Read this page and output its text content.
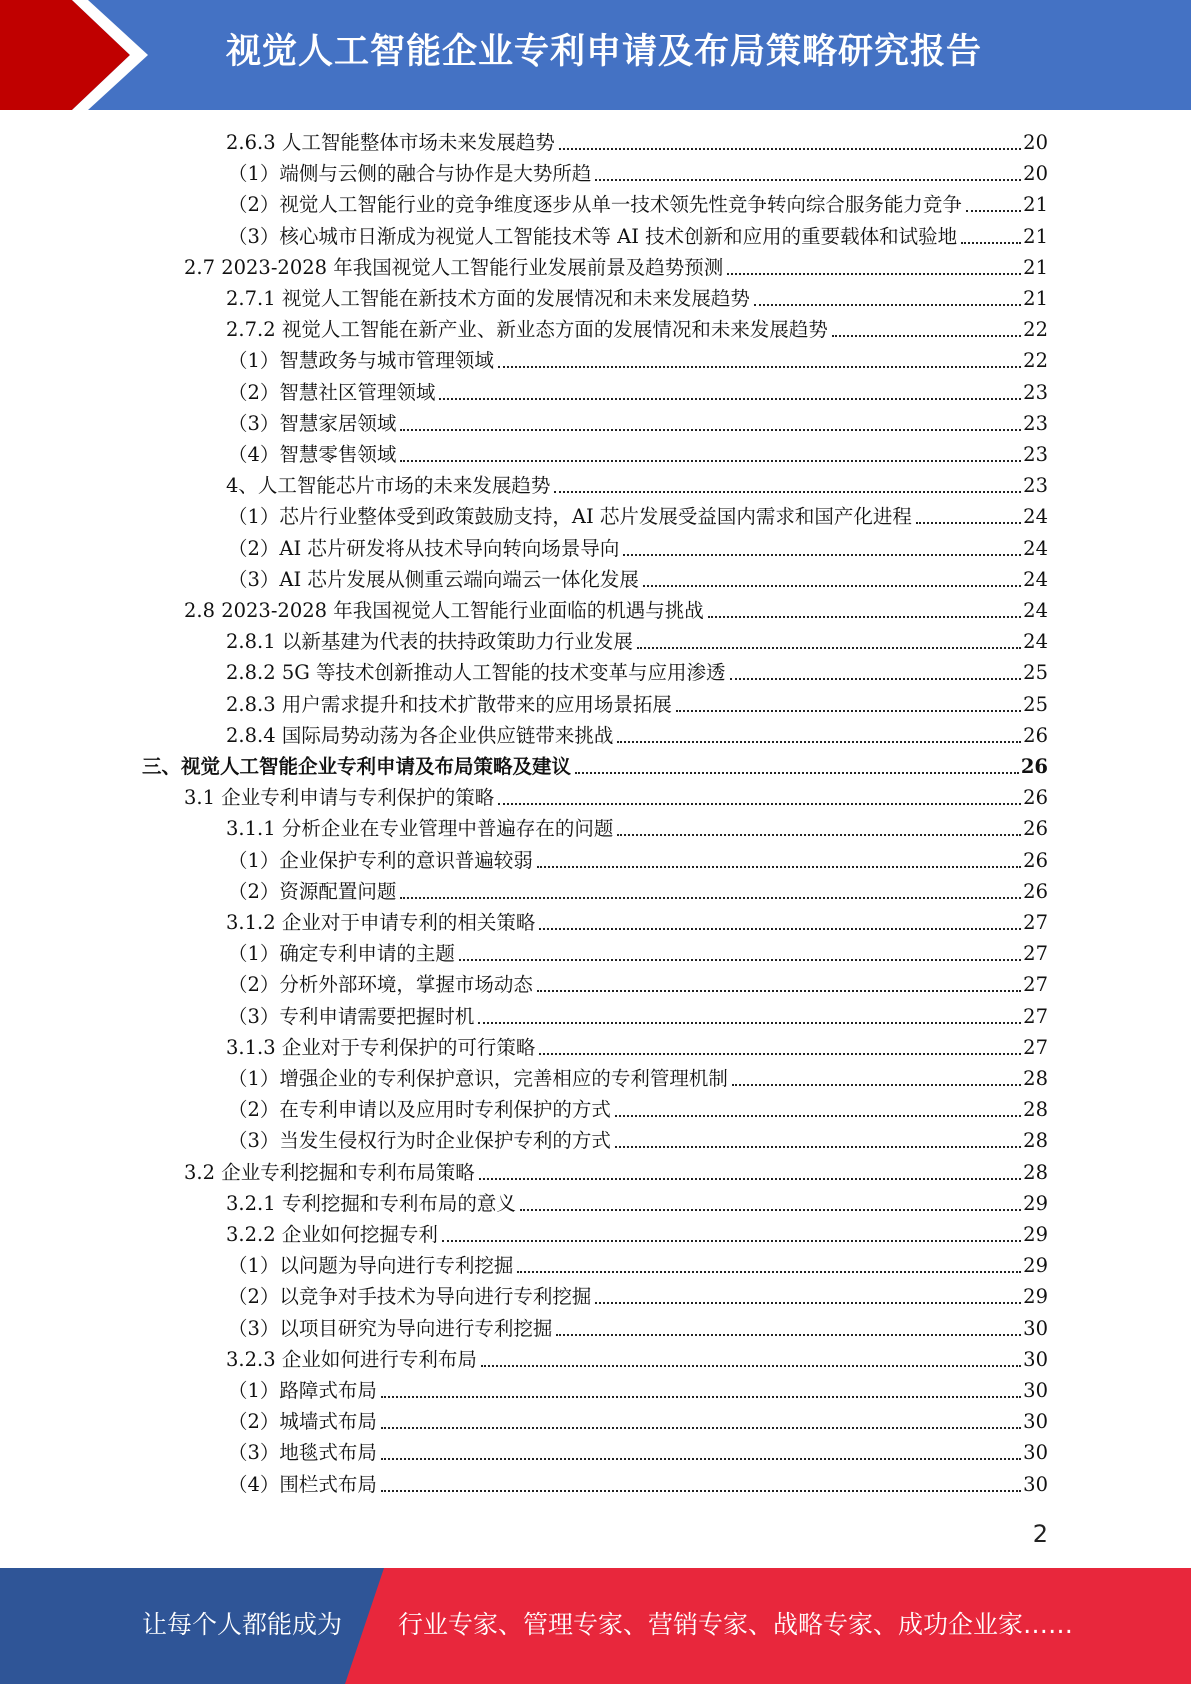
视觉人工智能企业专利申请及布局策略研究报告
2.6.3 人工智能整体市场未来发展趋势	20
（1）端侧与云侧的融合与协作是大势所趋	20
（2）视觉人工智能行业的竞争维度逐步从单一技术领先性竞争转向综合服务能力竞争	21
（3）核心城市日渐成为视觉人工智能技术等 AI 技术创新和应用的重要载体和试验地	21
2.7 2023-2028 年我国视觉人工智能行业发展前景及趋势预测	21
2.7.1 视觉人工智能在新技术方面的发展情况和未来发展趋势	21
2.7.2 视觉人工智能在新产业、新业态方面的发展情况和未来发展趋势	22
（1）智慧政务与城市管理领域	22
（2）智慧社区管理领域	23
（3）智慧家居领域	23
（4）智慧零售领域	23
4、人工智能芯片市场的未来发展趋势	23
（1）芯片行业整体受到政策鼓励支持，AI 芯片发展受益国内需求和国产化进程	24
（2）AI 芯片研发将从技术导向转向场景导向	24
（3）AI 芯片发展从侧重云端向端云一体化发展	24
2.8 2023-2028 年我国视觉人工智能行业面临的机遇与挑战	24
2.8.1 以新基建为代表的扶持政策助力行业发展	24
2.8.2 5G 等技术创新推动人工智能的技术变革与应用渗透	25
2.8.3 用户需求提升和技术扩散带来的应用场景拓展	25
2.8.4 国际局势动荡为各企业供应链带来挑战	26
三、视觉人工智能企业专利申请及布局策略及建议	26
3.1 企业专利申请与专利保护的策略	26
3.1.1 分析企业在专业管理中普遍存在的问题	26
（1）企业保护专利的意识普遍较弱	26
（2）资源配置问题	26
3.1.2 企业对于申请专利的相关策略	27
（1）确定专利申请的主题	27
（2）分析外部环境，掌握市场动态	27
（3）专利申请需要把握时机	27
3.1.3 企业对于专利保护的可行策略	27
（1）增强企业的专利保护意识，完善相应的专利管理机制	28
（2）在专利申请以及应用时专利保护的方式	28
（3）当发生侵权行为时企业保护专利的方式	28
3.2 企业专利挖掘和专利布局策略	28
3.2.1 专利挖掘和专利布局的意义	29
3.2.2 企业如何挖掘专利	29
（1）以问题为导向进行专利挖掘	29
（2）以竞争对手技术为导向进行专利挖掘	29
（3）以项目研究为导向进行专利挖掘	30
3.2.3 企业如何进行专利布局	30
（1）路障式布局	30
（2）城墙式布局	30
（3）地毯式布局	30
（4）围栏式布局	30
2
让每个人都能成为 行业专家、管理专家、营销专家、战略专家、成功企业家……
